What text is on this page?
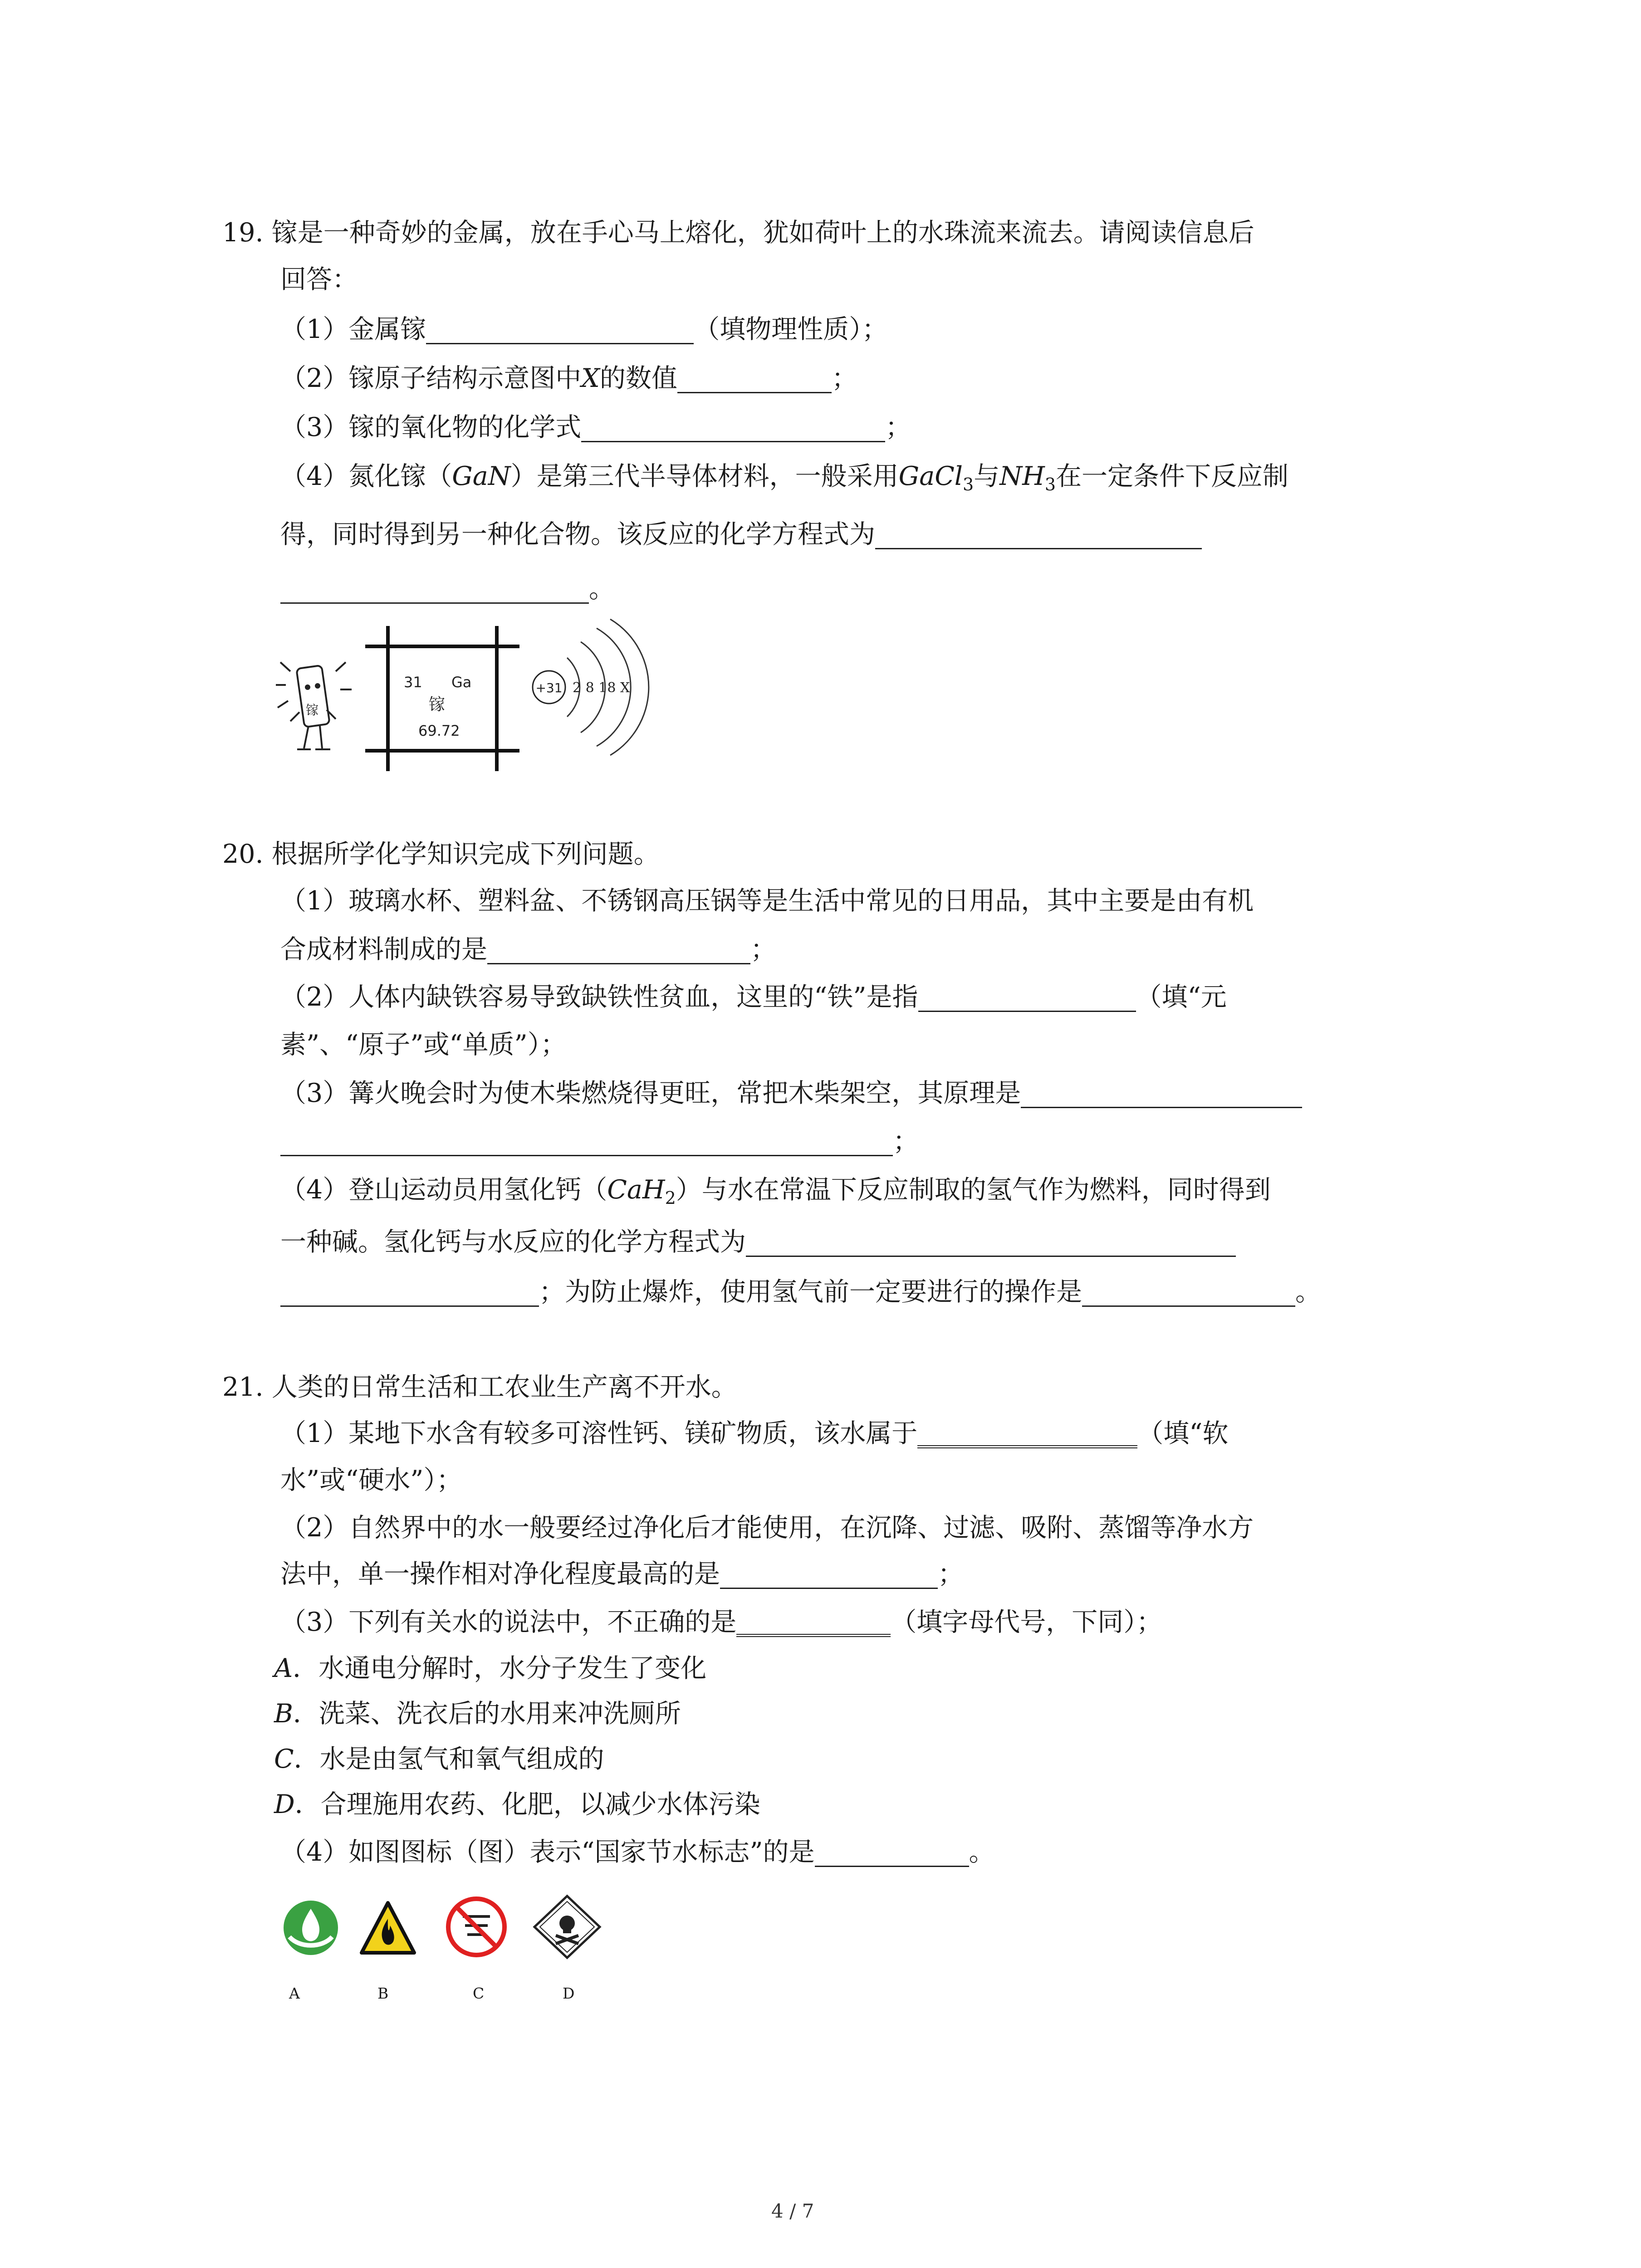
19. 镓是一种奇妙的金属，放在手心马上熔化，犹如荷叶上的水珠流来流去。请阅读信息后
回答：
（1）金属镓	（填物理性质）；
（2）镓原子结构示意图中X的数值	；
（3）镓的氧化物的化学式	；
（4）氮化镓（GaN）是第三代半导体材料，一般采用GaCl$_3$与$NH_3$在一定条件下反应制
得，同时得到另一种化合物。该反应的化学方程式为
。
镓
31 Ga
镓
69.72
+31 2 8 18 X
20. 根据所学化学知识完成下列问题。
（1）玻璃水杯、塑料盆、不锈钢高压锅等是生活中常见的日用品，其中主要是由有机
合成材料制成的是	；
（2）人体内缺铁容易导致缺铁性贫血，这里的“铁”是指	（填“元
素”、“原子”或“单质”）；
（3）篝火晚会时为使木柴燃烧得更旺，常把木柴架空，其原理是
；
（4）登山运动员用氢化钙（CaH$_2$）与水在常温下反应制取的氢气作为燃料，同时得到
一种碱。氢化钙与水反应的化学方程式为
；为防止爆炸，使用氢气前一定要进行的操作是	。
21. 人类的日常生活和工农业生产离不开水。
（1）某地下水含有较多可溶性钙、镁矿物质，该水属于	（填“软
水”或“硬水”）；
（2）自然界中的水一般要经过净化后才能使用，在沉降、过滤、吸附、蒸馏等净水方
法中，单一操作相对净化程度最高的是	；
（3）下列有关水的说法中，不正确的是	（填字母代号，下同）；
A．水通电分解时，水分子发生了变化
B．洗菜、洗衣后的水用来冲洗厕所
C．水是由氢气和氧气组成的
D．合理施用农药、化肥，以减少水体污染
（4）如图图标（图）表示“国家节水标志”的是	。
A	B	C	D
4 / 7
